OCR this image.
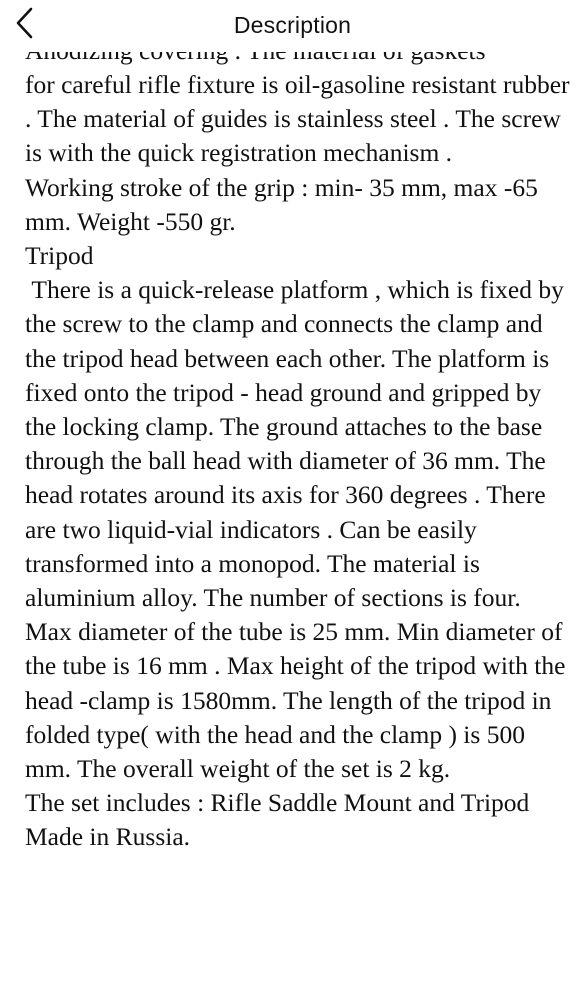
Description

for careful rifle fixture is oil-gasoline resistant rubber . The material of guides is stainless steel . The screw is with the quick registration mechanism .

Working stroke of the grip : min- 35 mm, max -65 mm. Weight -550 gr.

Tripod

There is a quick-release platform , which is fixed by the screw to the clamp and connects the clamp and the tripod head between each other. The platform is fixed onto the tripod - head ground and gripped by the locking clamp. The ground attaches to the base through the ball head with diameter of 36 mm. The head rotates around its axis for 360 degrees . There are two liquid-vial indicators . Can be easily transformed into a monopod. The material is aluminium alloy. The number of sections is four. Max diameter of the tube is 25 mm. Min diameter of the tube is 16 mm . Max height of the tripod with the head -clamp is 1580mm. The length of the tripod in folded type( with the head and the clamp ) is 500 mm. The overall weight of the set is 2 kg.

The set includes : Rifle Saddle Mount and Tripod

Made in Russia.
